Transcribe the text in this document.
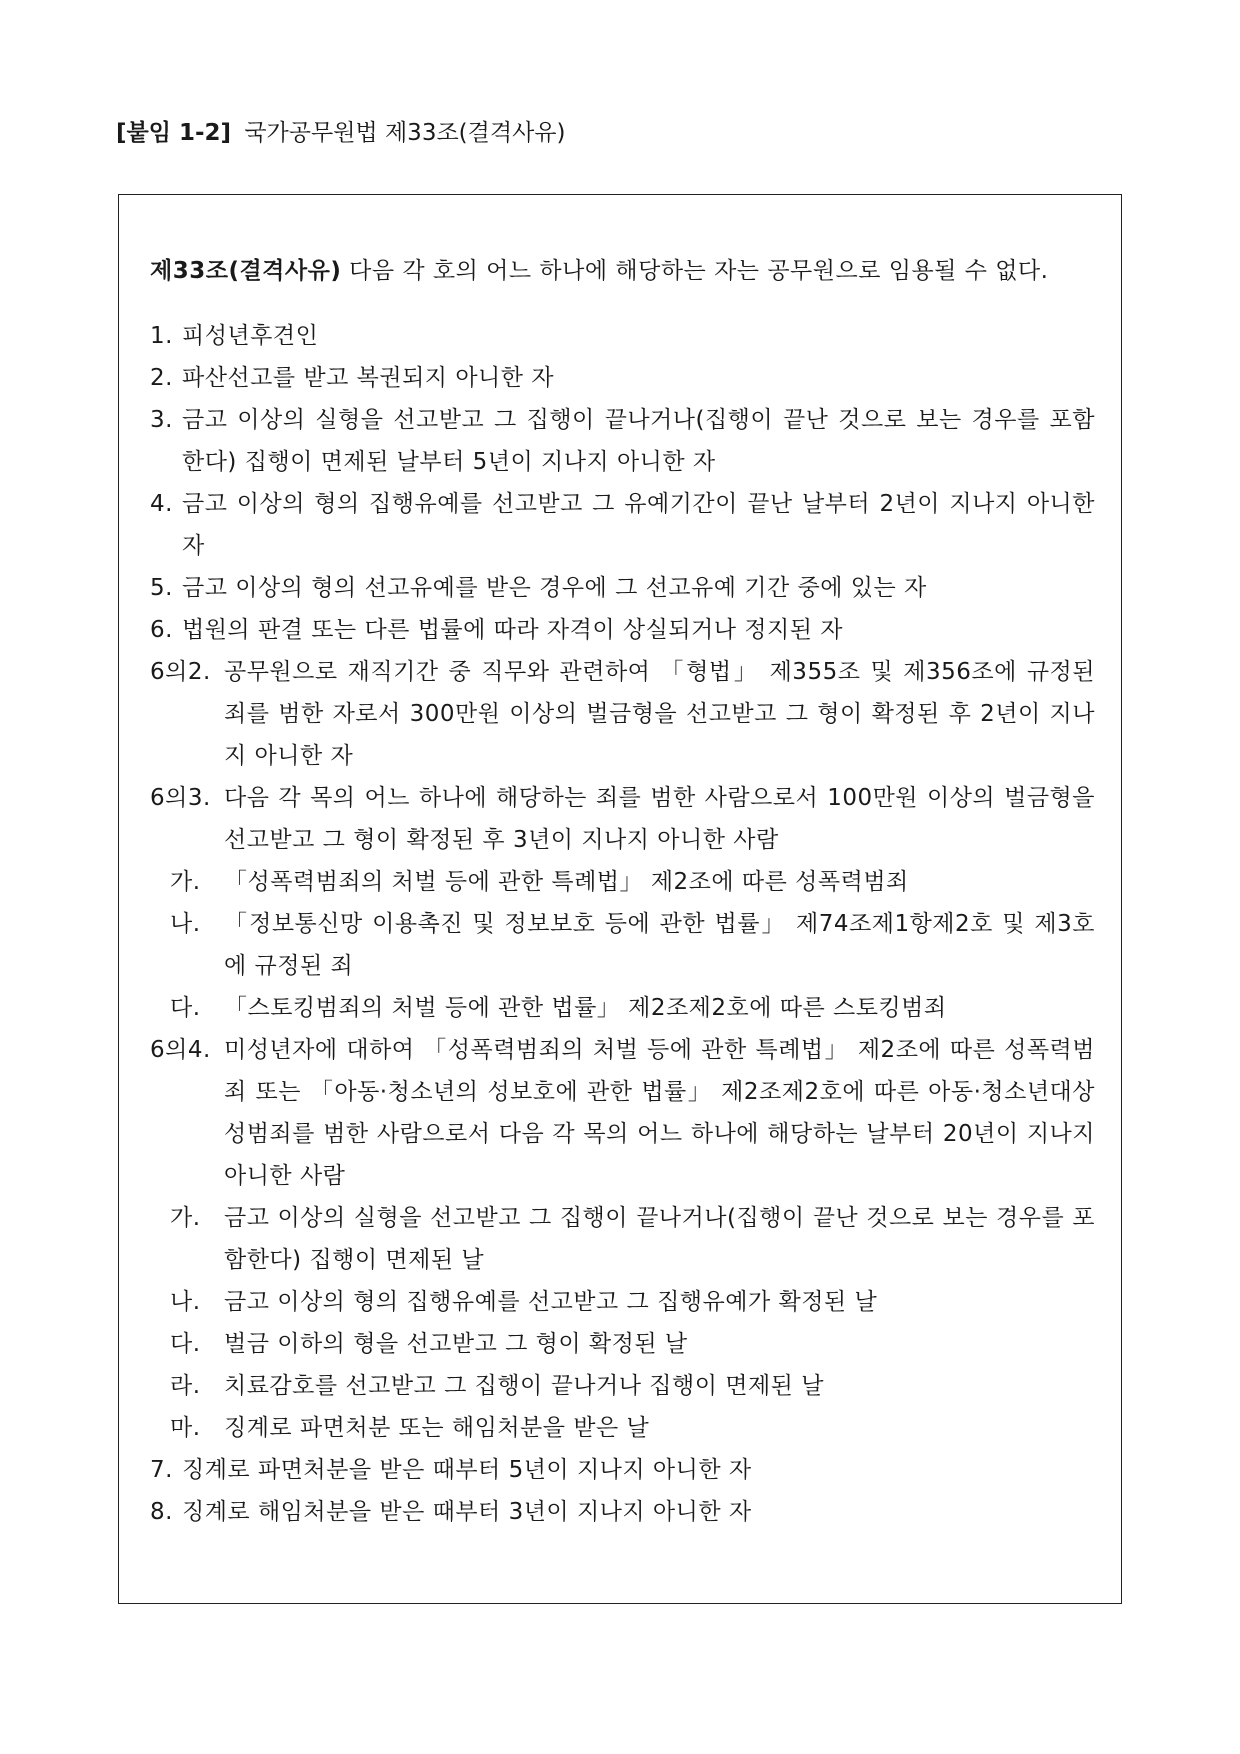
[붙임 1-2] 국가공무원법 제33조(결격사유)

제33조(결격사유) 다음 각 호의 어느 하나에 해당하는 자는 공무원으로 임용될 수 없다.

1. 피성년후견인
2. 파산선고를 받고 복권되지 아니한 자
3. 금고 이상의 실형을 선고받고 그 집행이 끝나거나(집행이 끝난 것으로 보는 경우를 포함한다) 집행이 면제된 날부터 5년이 지나지 아니한 자
4. 금고 이상의 형의 집행유예를 선고받고 그 유예기간이 끝난 날부터 2년이 지나지 아니한 자
5. 금고 이상의 형의 선고유예를 받은 경우에 그 선고유예 기간 중에 있는 자
6. 법원의 판결 또는 다른 법률에 따라 자격이 상실되거나 정지된 자
6의2. 공무원으로 재직기간 중 직무와 관련하여 「형법」 제355조 및 제356조에 규정된 죄를 범한 자로서 300만원 이상의 벌금형을 선고받고 그 형이 확정된 후 2년이 지나지 아니한 자
6의3. 다음 각 목의 어느 하나에 해당하는 죄를 범한 사람으로서 100만원 이상의 벌금형을 선고받고 그 형이 확정된 후 3년이 지나지 아니한 사람
가.	「성폭력범죄의 처벌 등에 관한 특례법」 제2조에 따른 성폭력범죄
나.	「정보통신망 이용촉진 및 정보보호 등에 관한 법률」 제74조제1항제2호 및 제3호에 규정된 죄
다.	「스토킹범죄의 처벌 등에 관한 법률」 제2조제2호에 따른 스토킹범죄
6의4. 미성년자에 대하여 「성폭력범죄의 처벌 등에 관한 특례법」 제2조에 따른 성폭력범죄 또는 「아동·청소년의 성보호에 관한 법률」 제2조제2호에 따른 아동·청소년대상 성범죄를 범한 사람으로서 다음 각 목의 어느 하나에 해당하는 날부터 20년이 지나지 아니한 사람
가.	금고 이상의 실형을 선고받고 그 집행이 끝나거나(집행이 끝난 것으로 보는 경우를 포함한다) 집행이 면제된 날
나.	금고 이상의 형의 집행유예를 선고받고 그 집행유예가 확정된 날
다.	벌금 이하의 형을 선고받고 그 형이 확정된 날
라.	치료감호를 선고받고 그 집행이 끝나거나 집행이 면제된 날
마.	징계로 파면처분 또는 해임처분을 받은 날
7. 징계로 파면처분을 받은 때부터 5년이 지나지 아니한 자
8. 징계로 해임처분을 받은 때부터 3년이 지나지 아니한 자
